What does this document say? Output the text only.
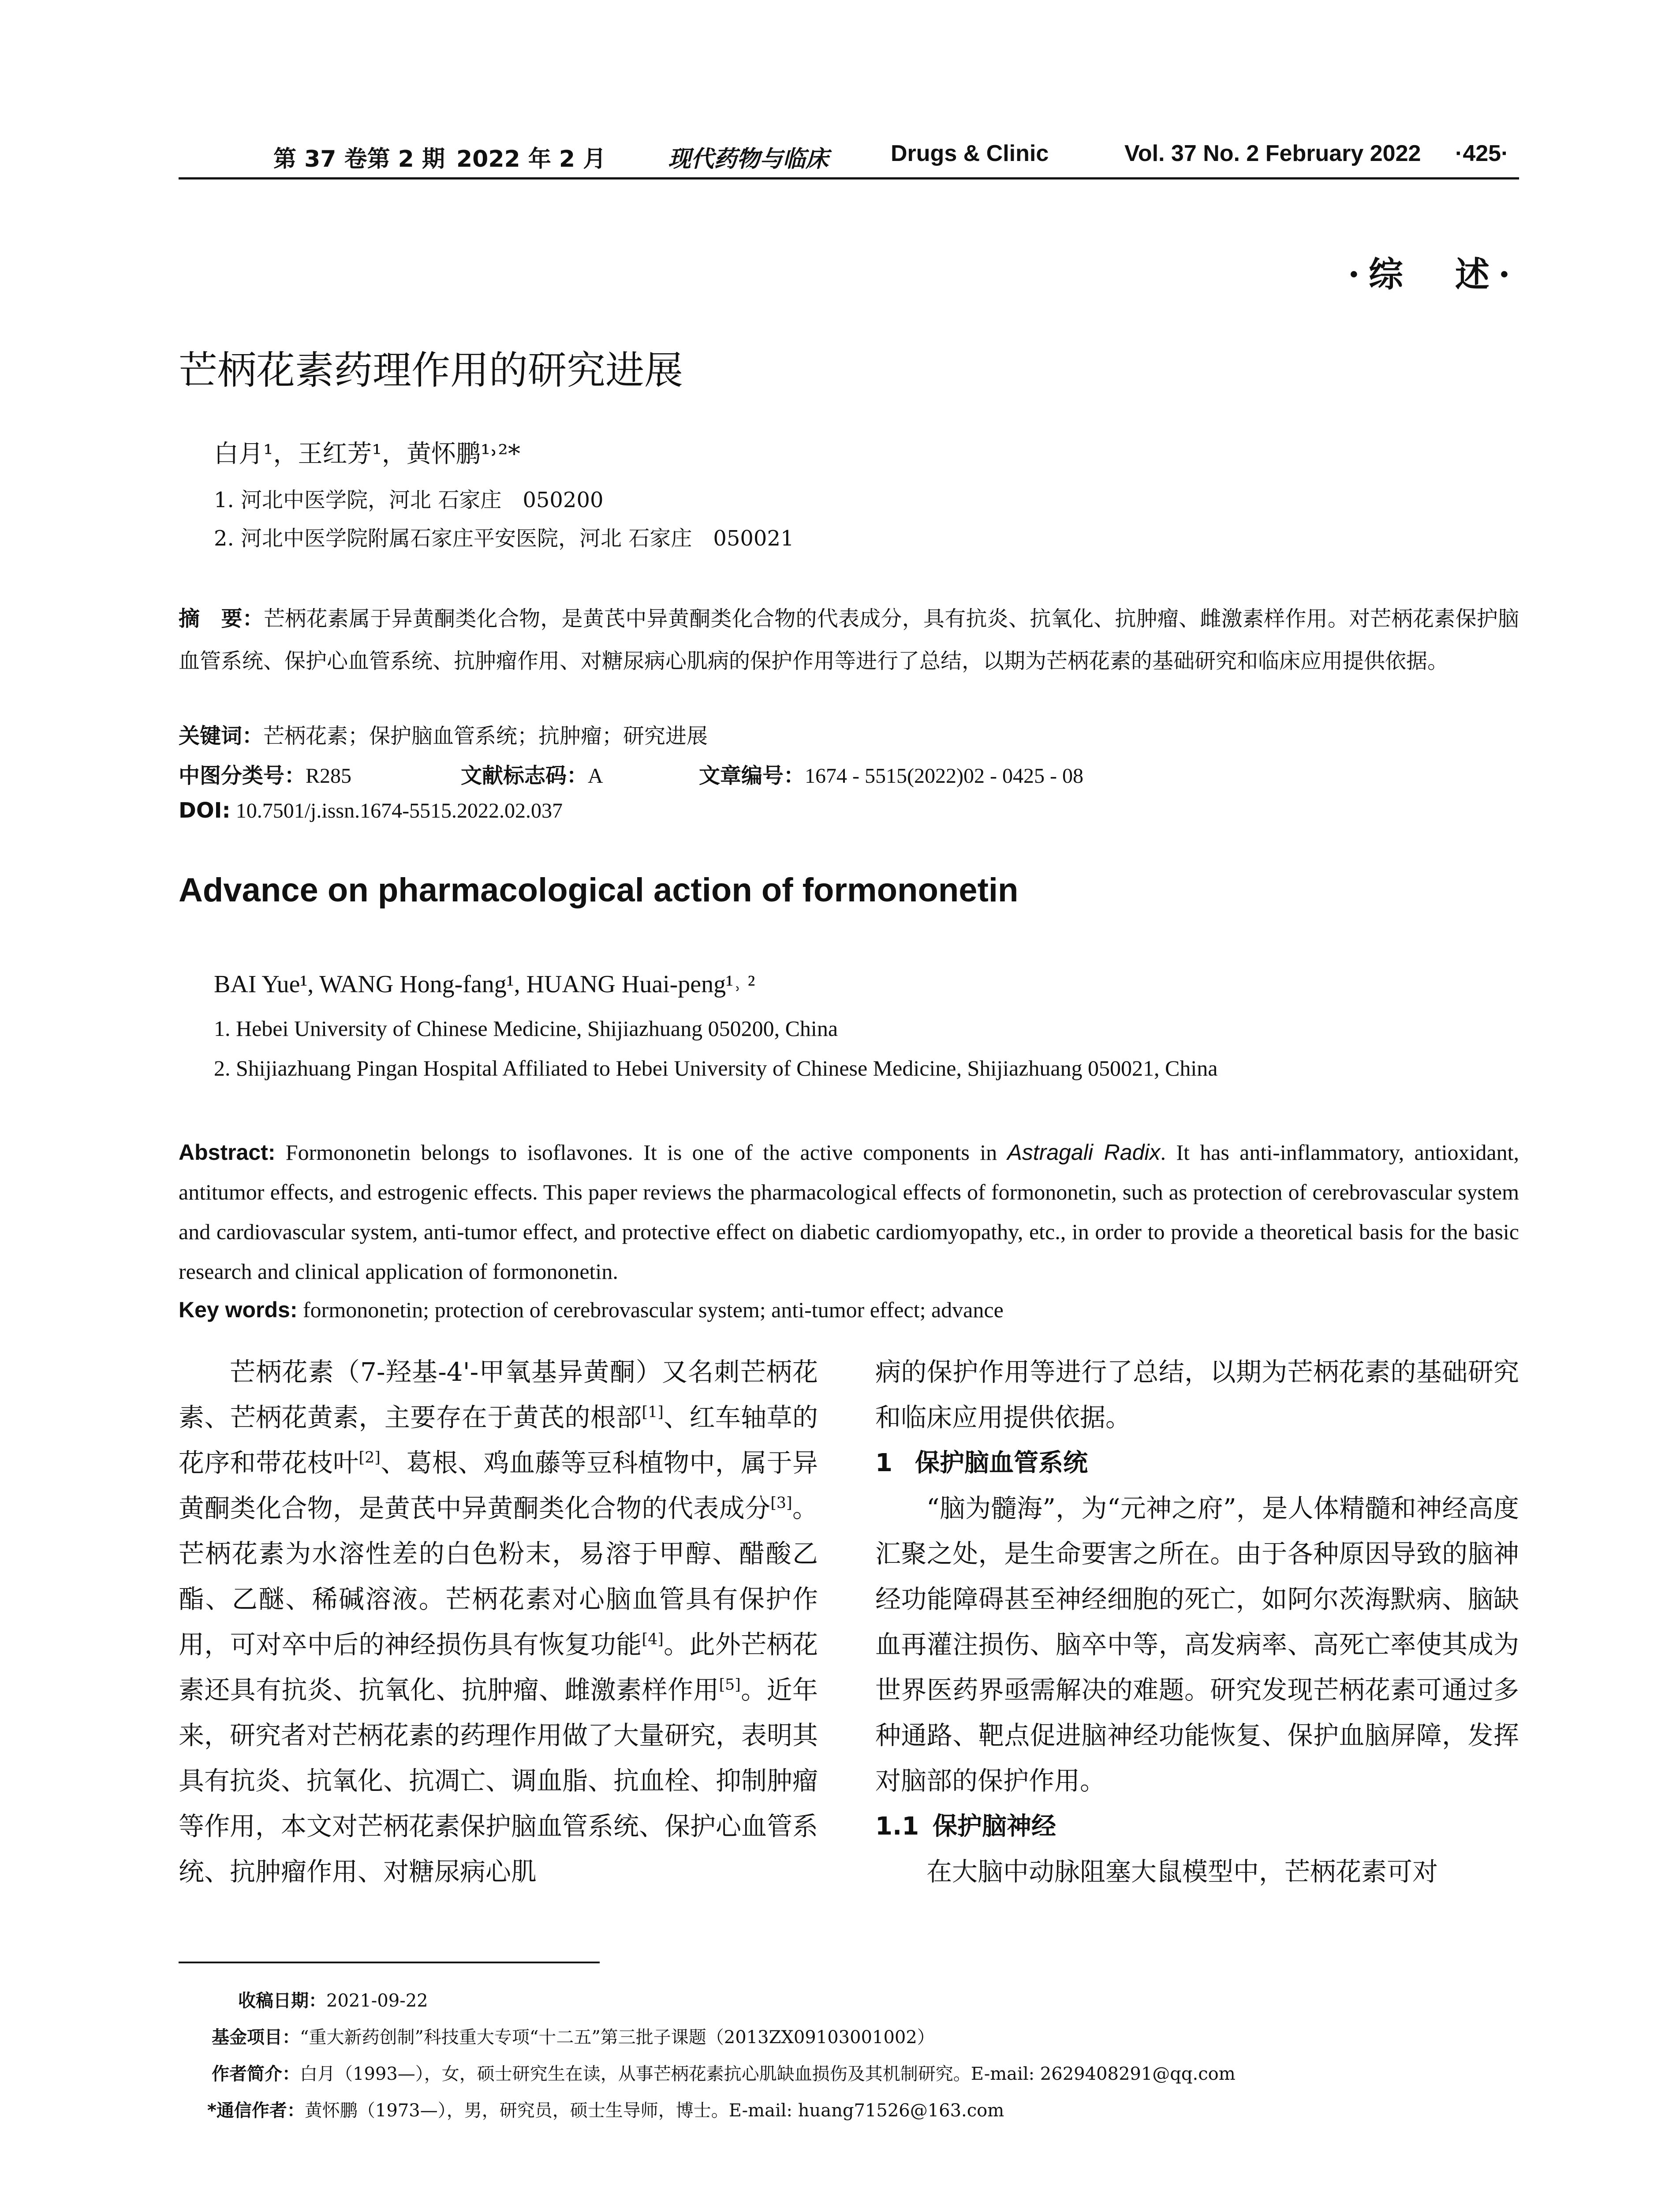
第 37 卷第 2 期 2022 年 2 月	现代药物与临床	Drugs & Clinic	Vol. 37 No. 2 February 2022 ·425·
·综　述·
芒柄花素药理作用的研究进展
白月¹，王红芳¹，黄怀鹏¹˒²*
1. 河北中医学院，河北 石家庄　050200
2. 河北中医学院附属石家庄平安医院，河北 石家庄　050021
摘　要：芒柄花素属于异黄酮类化合物，是黄芪中异黄酮类化合物的代表成分，具有抗炎、抗氧化、抗肿瘤、雌激素样作用。对芒柄花素保护脑血管系统、保护心血管系统、抗肿瘤作用、对糖尿病心肌病的保护作用等进行了总结，以期为芒柄花素的基础研究和临床应用提供依据。
关键词：芒柄花素；保护脑血管系统；抗肿瘤；研究进展
中图分类号：R285	文献标志码：A	文章编号：1674 - 5515(2022)02 - 0425 - 08
DOI: 10.7501/j.issn.1674-5515.2022.02.037
Advance on pharmacological action of formononetin
BAI Yue¹, WANG Hong-fang¹, HUANG Huai-peng¹˒ ²
1. Hebei University of Chinese Medicine, Shijiazhuang 050200, China
2. Shijiazhuang Pingan Hospital Affiliated to Hebei University of Chinese Medicine, Shijiazhuang 050021, China
Abstract: Formononetin belongs to isoflavones. It is one of the active components in Astragali Radix. It has anti-inflammatory, antioxidant, antitumor effects, and estrogenic effects. This paper reviews the pharmacological effects of formononetin, such as protection of cerebrovascular system and cardiovascular system, anti-tumor effect, and protective effect on diabetic cardiomyopathy, etc., in order to provide a theoretical basis for the basic research and clinical application of formononetin.
Key words: formononetin; protection of cerebrovascular system; anti-tumor effect; advance

芒柄花素（7-羟基-4'-甲氧基异黄酮）又名刺芒柄花素、芒柄花黄素，主要存在于黄芪的根部[1]、红车轴草的花序和带花枝叶[2]、葛根、鸡血藤等豆科植物中，属于异黄酮类化合物，是黄芪中异黄酮类化合物的代表成分[3]。芒柄花素为水溶性差的白色粉末，易溶于甲醇、醋酸乙酯、乙醚、稀碱溶液。芒柄花素对心脑血管具有保护作用，可对卒中后的神经损伤具有恢复功能[4]。此外芒柄花素还具有抗炎、抗氧化、抗肿瘤、雌激素样作用[5]。近年来，研究者对芒柄花素的药理作用做了大量研究，表明其具有抗炎、抗氧化、抗凋亡、调血脂、抗血栓、抑制肿瘤等作用，本文对芒柄花素保护脑血管系统、保护心血管系统、抗肿瘤作用、对糖尿病心肌

病的保护作用等进行了总结，以期为芒柄花素的基础研究和临床应用提供依据。

1 保护脑血管系统

“脑为髓海”，为“元神之府”，是人体精髓和神经高度汇聚之处，是生命要害之所在。由于各种原因导致的脑神经功能障碍甚至神经细胞的死亡，如阿尔茨海默病、脑缺血再灌注损伤、脑卒中等，高发病率、高死亡率使其成为世界医药界亟需解决的难题。研究发现芒柄花素可通过多种通路、靶点促进脑神经功能恢复、保护血脑屏障，发挥对脑部的保护作用。

1.1 保护脑神经

在大脑中动脉阻塞大鼠模型中，芒柄花素可对

收稿日期：2021-09-22
基金项目：“重大新药创制”科技重大专项“十二五”第三批子课题（2013ZX09103001002）
作者简介：白月（1993—），女，硕士研究生在读，从事芒柄花素抗心肌缺血损伤及其机制研究。E-mail: 2629408291@qq.com
*通信作者：黄怀鹏（1973—），男，研究员，硕士生导师，博士。E-mail: huang71526@163.com
